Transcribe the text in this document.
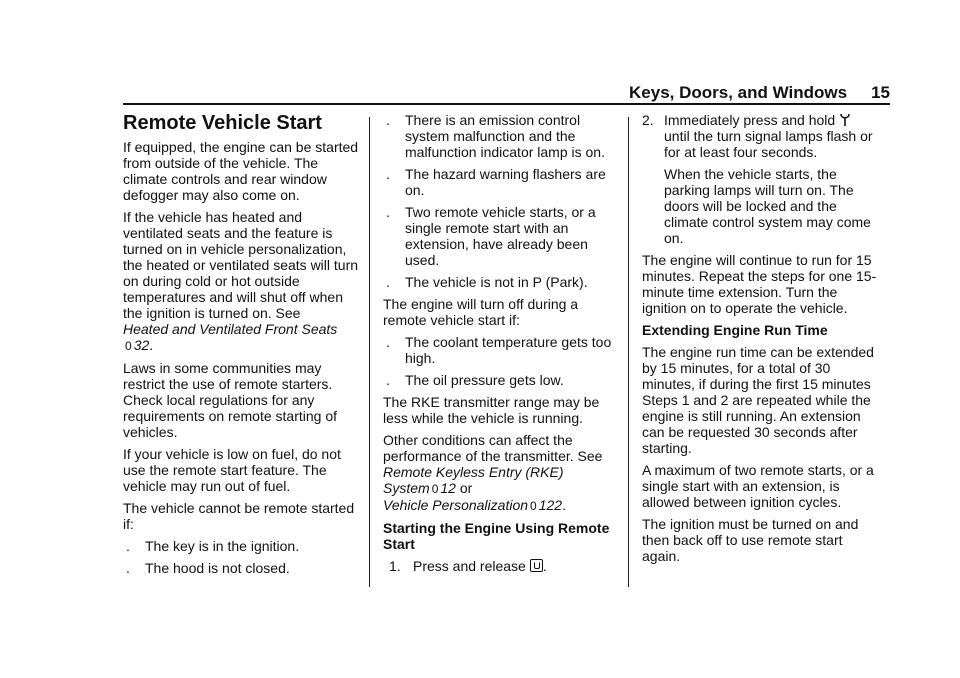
Keys, Doors, and Windows 15
Remote Vehicle Start

If equipped, the engine can be started from outside of the vehicle. The climate controls and rear window defogger may also come on.

If the vehicle has heated and ventilated seats and the feature is turned on in vehicle personalization, the heated or ventilated seats will turn on during cold or hot outside temperatures and will shut off when the ignition is turned on. See
Heated and Ventilated Front Seats
0 32.

Laws in some communities may restrict the use of remote starters. Check local regulations for any requirements on remote starting of vehicles.

If your vehicle is low on fuel, do not use the remote start feature. The vehicle may run out of fuel.

The vehicle cannot be remote started if:

. The key is in the ignition.
. The hood is not closed.
. There is an emission control system malfunction and the malfunction indicator lamp is on.
. The hazard warning flashers are on.
. Two remote vehicle starts, or a single remote start with an extension, have already been used.
. The vehicle is not in P (Park).

The engine will turn off during a remote vehicle start if:

. The coolant temperature gets too high.
. The oil pressure gets low.

The RKE transmitter range may be less while the vehicle is running.

Other conditions can affect the performance of the transmitter. See
Remote Keyless Entry (RKE) System 0 12 or
Vehicle Personalization 0 122.

Starting the Engine Using Remote Start
1. Press and release .
2. Immediately press and hold  until the turn signal lamps flash or for at least four seconds.
When the vehicle starts, the parking lamps will turn on. The doors will be locked and the climate control system may come on.

The engine will continue to run for 15 minutes. Repeat the steps for one 15-minute time extension. Turn the ignition on to operate the vehicle.

Extending Engine Run Time

The engine run time can be extended by 15 minutes, for a total of 30 minutes, if during the first 15 minutes Steps 1 and 2 are repeated while the engine is still running. An extension can be requested 30 seconds after starting.

A maximum of two remote starts, or a single start with an extension, is allowed between ignition cycles.

The ignition must be turned on and then back off to use remote start again.
